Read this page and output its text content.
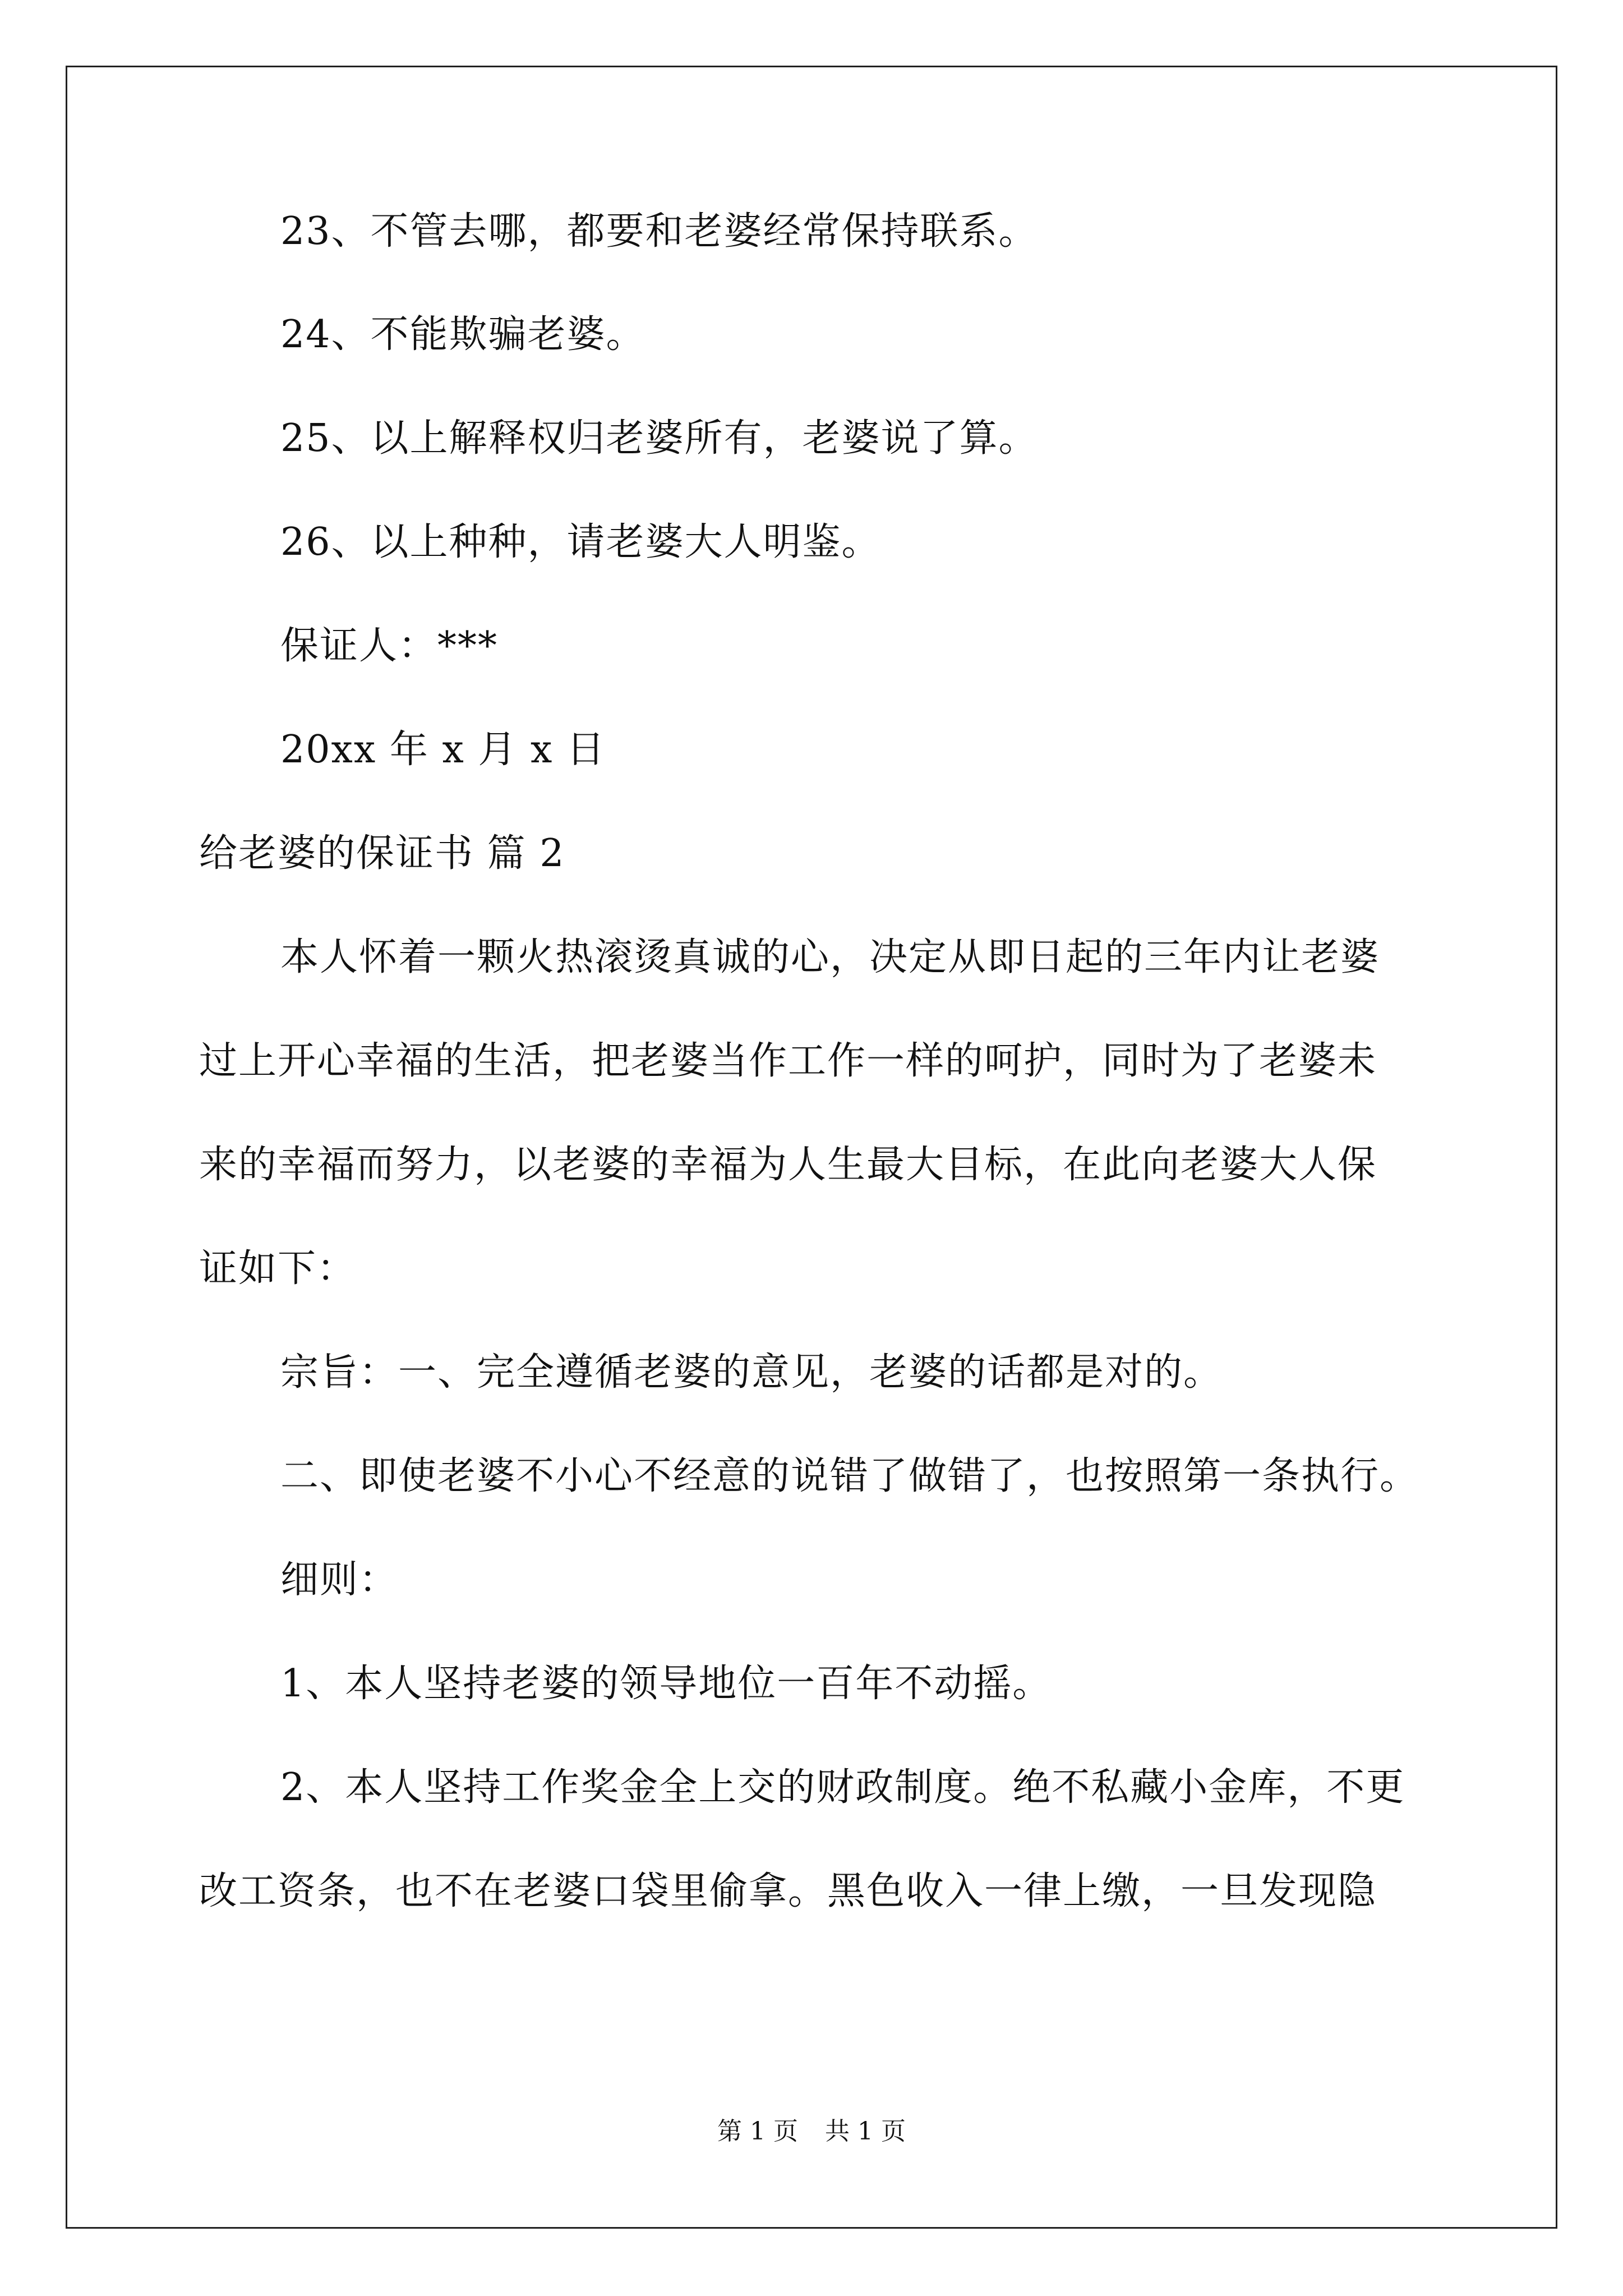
23、不管去哪，都要和老婆经常保持联系。
24、不能欺骗老婆。
25、以上解释权归老婆所有，老婆说了算。
26、以上种种，请老婆大人明鉴。
保证人：***
20xx 年 x 月 x 日
给老婆的保证书 篇 2
本人怀着一颗火热滚烫真诚的心，决定从即日起的三年内让老婆
过上开心幸福的生活，把老婆当作工作一样的呵护，同时为了老婆未
来的幸福而努力，以老婆的幸福为人生最大目标，在此向老婆大人保
证如下：
宗旨：一、完全遵循老婆的意见，老婆的话都是对的。
二、即使老婆不小心不经意的说错了做错了，也按照第一条执行。
细则：
1、本人坚持老婆的领导地位一百年不动摇。
2、本人坚持工作奖金全上交的财政制度。绝不私藏小金库，不更
改工资条，也不在老婆口袋里偷拿。黑色收入一律上缴，一旦发现隐
第 1 页 共 1 页
